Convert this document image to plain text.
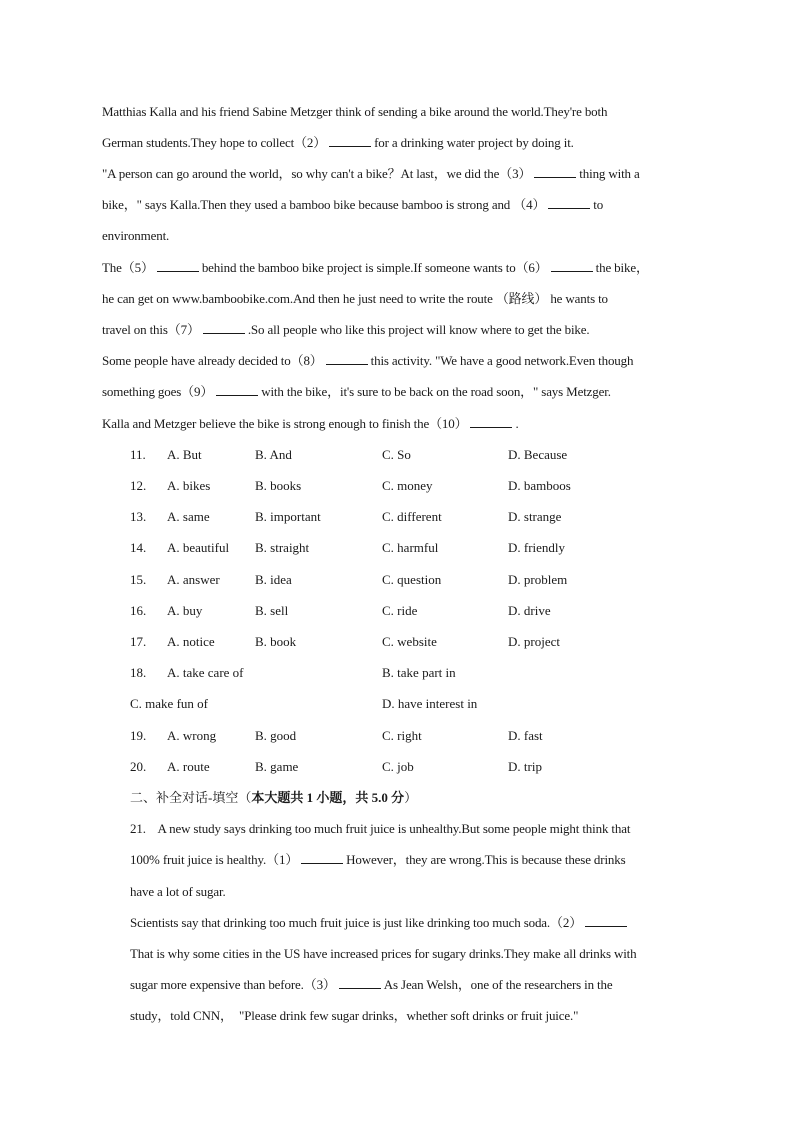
Matthias Kalla and his friend Sabine Metzger think of sending a bike around the world.They're both
German students.They hope to collect（2）	for a drinking water project by doing it.
"A person can go around the world，so why can't a bike？At last，we did the（3）	thing with a
bike，" says Kalla.Then they used a bamboo bike because bamboo is strong and （4）	to
environment.
The（5）	behind the bamboo bike project is simple.If someone wants to（6）	the bike，
he can get on www.bamboobike.com.And then he just need to write the route （路线） he wants to
travel on this（7）	.So all people who like this project will know where to get the bike.
Some people have already decided to（8）	this activity. "We have a good network.Even though
something goes（9）	with the bike，it's sure to be back on the road soon，" says Metzger.
Kalla and Metzger believe the bike is strong enough to finish the（10）	.
11. A. But	B. And	C. So	D. Because
12. A. bikes	B. books	C. money	D. bamboos
13. A. same	B. important	C. different	D. strange
14. A. beautiful B. straight	C. harmful	D. friendly
15. A. answer	B. idea	C. question	D. problem
16. A. buy	B. sell	C. ride	D. drive
17. A. notice	B. book	C. website	D. project
18. A. take care of	B. take part in
C. make fun of	D. have interest in
19. A. wrong	B. good	C. right	D. fast
20. A. route	B. game	C. job	D. trip
二、补全对话-填空（本大题共 1 小题，共 5.0 分）
21.    A new study says drinking too much fruit juice is unhealthy.But some people might think that
100% fruit juice is healthy.（1）	However，they are wrong.This is because these drinks
have a lot of sugar.
Scientists say that drinking too much fruit juice is just like drinking too much soda.（2）
That is why some cities in the US have increased prices for sugary drinks.They make all drinks with
sugar more expensive than before.（3）	As Jean Welsh，one of the researchers in the
study，told CNN，  "Please drink few sugar drinks，whether soft drinks or fruit juice."
